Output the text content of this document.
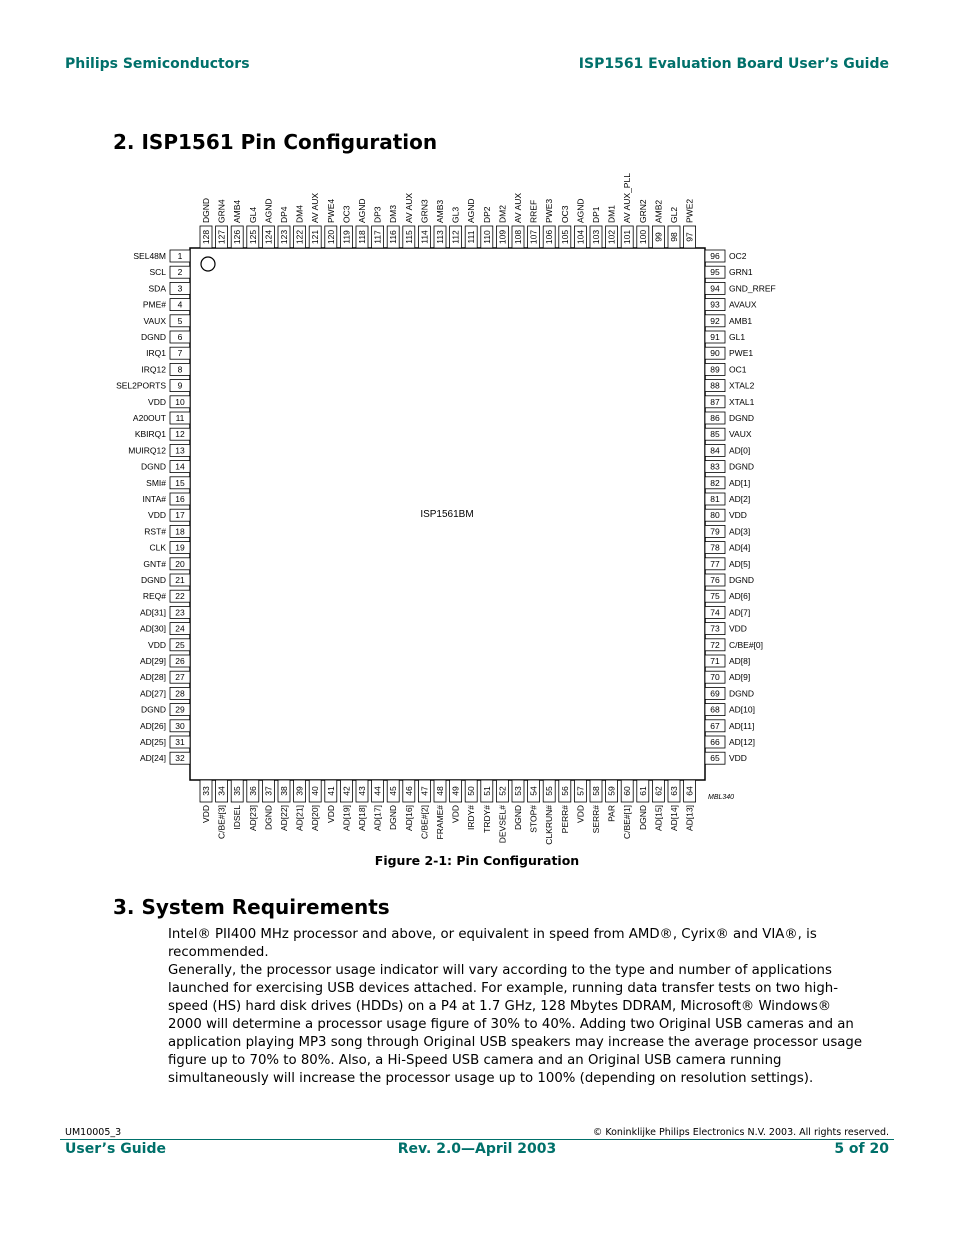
Philips Semiconductors	ISP1561 Evaluation Board User’s Guide
2. ISP1561 Pin Configuration
ISP1561BM
MBL340
1
SEL48M
2
SCL
3
SDA
4
PME#
5
VAUX
6
DGND
7
IRQ1
8
IRQ12
9
SEL2PORTS
10
VDD
11
A20OUT
12
KBIRQ1
13
MUIRQ12
14
DGND
15
SMI#
16
INTA#
17
VDD
18
RST#
19
CLK
20
GNT#
21
DGND
22
REQ#
23
AD[31]
24
AD[30]
25
VDD
26
AD[29]
27
AD[28]
28
AD[27]
29
DGND
30
AD[26]
31
AD[25]
32
AD[24]
96 OC2
95 GRN1
94 GND_RREF
93 AVAUX
92 AMB1
91 GL1
90 PWE1
89 OC1
88 XTAL2
87 XTAL1
86 DGND
85 VAUX
84 AD[0]
83 DGND
82 AD[1]
81 AD[2]
80 VDD
79 AD[3]
78 AD[4]
77 AD[5]
76 DGND
75 AD[6]
74 AD[7]
73 VDD
72 C/BE#[0]
71 AD[8]
70 AD[9]
69 DGND
68 AD[10]
67 AD[11]
66 AD[12]
65 VDD
128
DGND
127
GRN4
126
AMB4
125
GL4
124
AGND
123
DP4
122
DM4
121
AV AUX
120
PWE4
119
OC3
118
AGND
117
DP3
116
DM3
115
AV AUX
114
GRN3
113
AMB3
112
GL3
111
AGND
110
DP2
109
DM2
108
AV AUX
107
RREF
106
PWE3
105
OC3
104
AGND
103
DP1
102
DM1
101
AV AUX_PLL
100
GRN2
99
AMB2
98
GL2
97
PWE2
33
VDD
34
C/BE#[3]
35
IDSEL
36
AD[23]
37
DGND
38
AD[22]
39
AD[21]
40
AD[20]
41
VDD
42
AD[19]
43
AD[18]
44
AD[17]
45
DGND
46
AD[16]
47
C/BE#[2]
48
FRAME#
49
VDD
50
IRDY#
51
TRDY#
52
DEVSEL#
53
DGND
54
STOP#
55
CLKRUN#
56
PERR#
57
VDD
58
SERR#
59
PAR
60
C/BE#[1]
61
DGND
62
AD[15]
63
AD[14]
64
AD[13]
Figure 2-1: Pin Configuration
3. System Requirements
Intel® PII400 MHz processor and above, or equivalent in speed from AMD®, Cyrix® and VIA®, is recommended.
Generally, the processor usage indicator will vary according to the type and number of applications launched for exercising USB devices attached. For example, running data transfer tests on two high-speed (HS) hard disk drives (HDDs) on a P4 at 1.7 GHz, 128 Mbytes DDRAM, Microsoft® Windows® 2000 will determine a processor usage figure of 30% to 40%. Adding two Original USB cameras and an application playing MP3 song through Original USB speakers may increase the average processor usage figure up to 70% to 80%. Also, a Hi-Speed USB camera and an Original USB camera running simultaneously will increase the processor usage up to 100% (depending on resolution settings).
UM10005_3	© Koninklijke Philips Electronics N.V. 2003. All rights reserved.
User’s Guide	Rev. 2.0—April 2003	5 of 20
